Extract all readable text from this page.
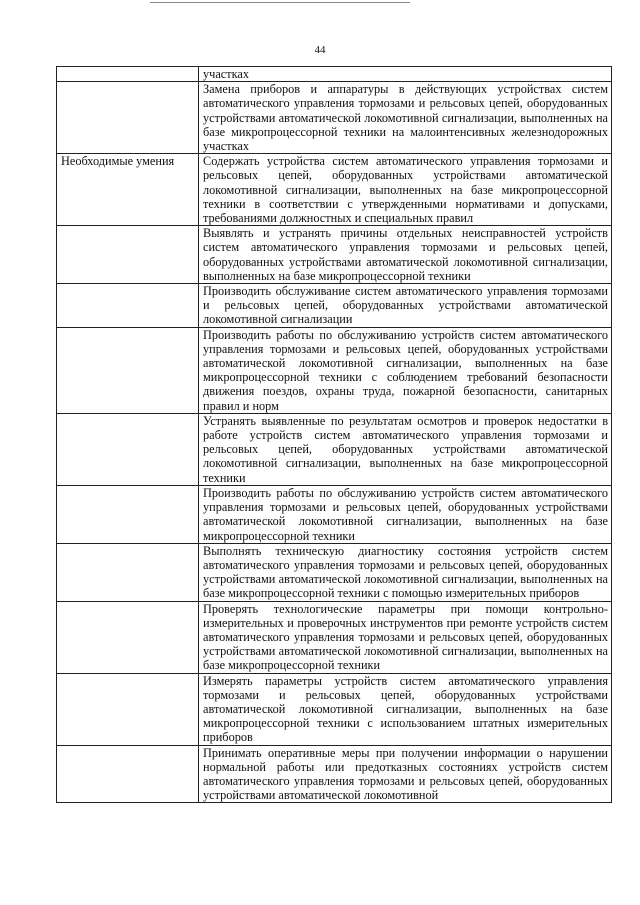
44
	участках
	Замена приборов и аппаратуры в действующих устройствах систем автоматического управления тормозами и рельсовых цепей, оборудованных устройствами автоматической локомотивной сигнализации, выполненных на базе микропроцессорной техники на малоинтенсивных железнодорожных участках
Необходимые умения	Содержать устройства систем автоматического управления тормозами и рельсовых цепей, оборудованных устройствами автоматической локомотивной сигнализации, выполненных на базе микропроцессорной техники в соответствии с утвержденными нормативами и допусками, требованиями должностных и специальных правил
	Выявлять и устранять причины отдельных неисправностей устройств систем автоматического управления тормозами и рельсовых цепей, оборудованных устройствами автоматической локомотивной сигнализации, выполненных на базе микропроцессорной техники
	Производить обслуживание систем автоматического управления тормозами и рельсовых цепей, оборудованных устройствами автоматической локомотивной сигнализации
	Производить работы по обслуживанию устройств систем автоматического управления тормозами и рельсовых цепей, оборудованных устройствами автоматической локомотивной сигнализации, выполненных на базе микропроцессорной техники с соблюдением требований безопасности движения поездов, охраны труда, пожарной безопасности, санитарных правил и норм
	Устранять выявленные по результатам осмотров и проверок недостатки в работе устройств систем автоматического управления тормозами и рельсовых цепей, оборудованных устройствами автоматической локомотивной сигнализации, выполненных на базе микропроцессорной техники
	Производить работы по обслуживанию устройств систем автоматического управления тормозами и рельсовых цепей, оборудованных устройствами автоматической локомотивной сигнализации, выполненных на базе микропроцессорной техники
	Выполнять техническую диагностику состояния устройств систем автоматического управления тормозами и рельсовых цепей, оборудованных устройствами автоматической локомотивной сигнализации, выполненных на базе микропроцессорной техники с помощью измерительных приборов
	Проверять технологические параметры при помощи контрольно-измерительных и проверочных инструментов при ремонте устройств систем автоматического управления тормозами и рельсовых цепей, оборудованных устройствами автоматической локомотивной сигнализации, выполненных на базе микропроцессорной техники
	Измерять параметры устройств систем автоматического управления тормозами и рельсовых цепей, оборудованных устройствами автоматической локомотивной сигнализации, выполненных на базе микропроцессорной техники с использованием штатных измерительных приборов
	Принимать оперативные меры при получении информации о нарушении нормальной работы или предотказных состояниях устройств систем автоматического управления тормозами и рельсовых цепей, оборудованных устройствами автоматической локомотивной
